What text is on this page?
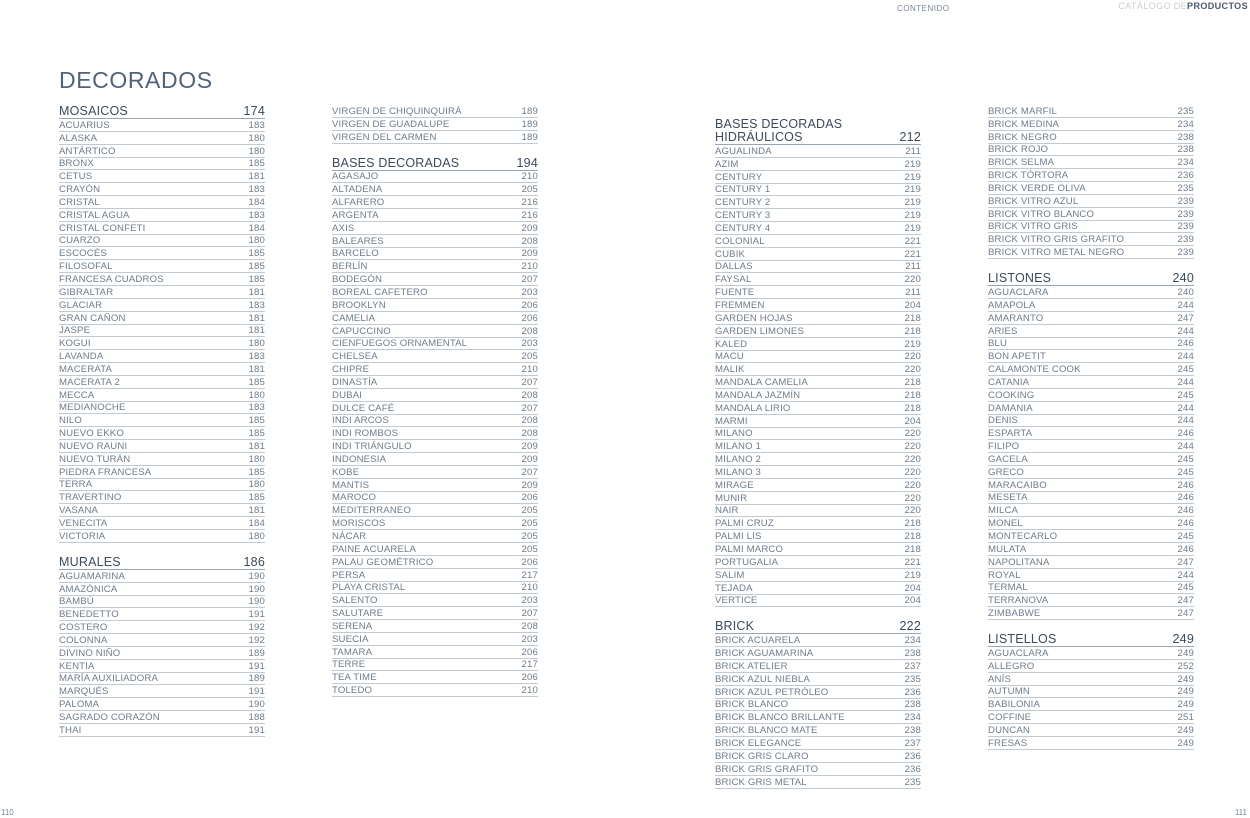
CONTENIDO	CATÁLOGO DEPRODUCTOS
DECORADOS
MOSAICOS	174
ACUARIUS	183
ALASKA	180
ANTÁRTICO	180
BRONX	185
CETUS	181
CRAYÓN	183
CRISTAL	184
CRISTAL AGUA	183
CRISTAL CONFETI	184
CUARZO	180
ESCOCÉS	185
FILOSOFAL	185
FRANCESA CUADROS	185
GIBRALTAR	181
GLACIAR	183
GRAN CAÑON	181
JASPE	181
KOGUI	180
LAVANDA	183
MACERATA	181
MACERATA 2	185
MECCA	180
MEDIANOCHE	183
NILO	185
NUEVO EKKO	185
NUEVO RAUNI	181
NUEVO TURÁN	180
PIEDRA FRANCESA	185
TERRA	180
TRAVERTINO	185
VASANA	181
VENECITA	184
VICTORIA	180
MURALES	186
AGUAMARINA	190
AMAZÓNICA	190
BAMBÚ	190
BENEDETTO	191
COSTERO	192
COLONNA	192
DIVINO NIÑO	189
KENTIA	191
MARÍA AUXILIADORA	189
MARQUÉS	191
PALOMA	190
SAGRADO CORAZÓN	188
THAI	191
VIRGEN DE CHIQUINQUIRÁ	189
VIRGEN DE GUADALUPE	189
VIRGEN DEL CARMEN	189
BASES DECORADAS	194
AGASAJO	210
ALTADENA	205
ALFARERO	216
ARGENTA	216
AXIS	209
BALEARES	208
BARCELO	209
BERLÍN	210
BODEGÓN	207
BOREAL CAFETERO	203
BROOKLYN	206
CAMELIA	206
CAPUCCINO	208
CIENFUEGOS ORNAMENTAL	203
CHELSEA	205
CHIPRE	210
DINASTÍA	207
DUBAI	208
DULCE CAFÉ	207
INDI ARCOS	208
INDI ROMBOS	208
INDI TRIÁNGULO	209
INDONESIA	209
KOBE	207
MANTIS	209
MAROCO	206
MEDITERRANEO	205
MORISCOS	205
NÁCAR	205
PAINE ACUARELA	205
PALAU GEOMÉTRICO	206
PERSA	217
PLAYA CRISTAL	210
SALENTO	203
SALUTARE	207
SERENA	208
SUECIA	203
TAMARA	206
TERRE	217
TEA TIME	206
TOLEDO	210
BASES DECORADAS
HIDRÁULICOS	212
AGUALINDA	211
AZIM	219
CENTURY	219
CENTURY 1	219
CENTURY 2	219
CENTURY 3	219
CENTURY 4	219
COLONIAL	221
CUBIK	221
DALLAS	211
FAYSAL	220
FUENTE	211
FREMMEN	204
GARDEN HOJAS	218
GARDEN LIMONES	218
KALED	219
MACU	220
MALIK	220
MANDALA CAMELIA	218
MANDALA JAZMÍN	218
MANDALA LIRIO	218
MARMI	204
MILANO	220
MILANO 1	220
MILANO 2	220
MILANO 3	220
MIRAGE	220
MUNIR	220
NAIR	220
PALMI CRUZ	218
PALMI LIS	218
PALMI MARCO	218
PORTUGALIA	221
SALIM	219
TEJADA	204
VERTICE	204
BRICK	222
BRICK ACUARELA	234
BRICK AGUAMARINA	238
BRICK ATELIER	237
BRICK AZUL NIEBLA	235
BRICK AZUL PETRÓLEO	236
BRICK BLANCO	238
BRICK BLANCO BRILLANTE	234
BRICK BLANCO MATE	238
BRICK ELEGANCE	237
BRICK GRIS CLARO	236
BRICK GRIS GRAFITO	236
BRICK GRIS METAL	235
BRICK MARFIL	235
BRICK MEDINA	234
BRICK NEGRO	238
BRICK ROJO	238
BRICK SELMA	234
BRICK TÓRTORA	236
BRICK VERDE OLIVA	235
BRICK VITRO AZUL	239
BRICK VITRO BLANCO	239
BRICK VITRO GRIS	239
BRICK VITRO GRIS GRAFITO	239
BRICK VITRO METAL NEGRO	239
LISTONES	240
AGUACLARA	240
AMAPOLA	244
AMARANTO	247
ARIES	244
BLU	246
BON APETIT	244
CALAMONTE COOK	245
CATANIA	244
COOKING	245
DAMANIA	244
DENIS	244
ESPARTA	246
FILIPO	244
GACELA	245
GRECO	245
MARACAIBO	246
MESETA	246
MILCA	246
MONEL	246
MONTECARLO	245
MULATA	246
NAPOLITANA	247
ROYAL	244
TERMAL	245
TERRANOVA	247
ZIMBABWE	247
LISTELLOS	249
AGUACLARA	249
ALLEGRO	252
ANÍS	249
AUTUMN	249
BABILONIA	249
COFFINE	251
DUNCAN	249
FRESAS	249
110	111
